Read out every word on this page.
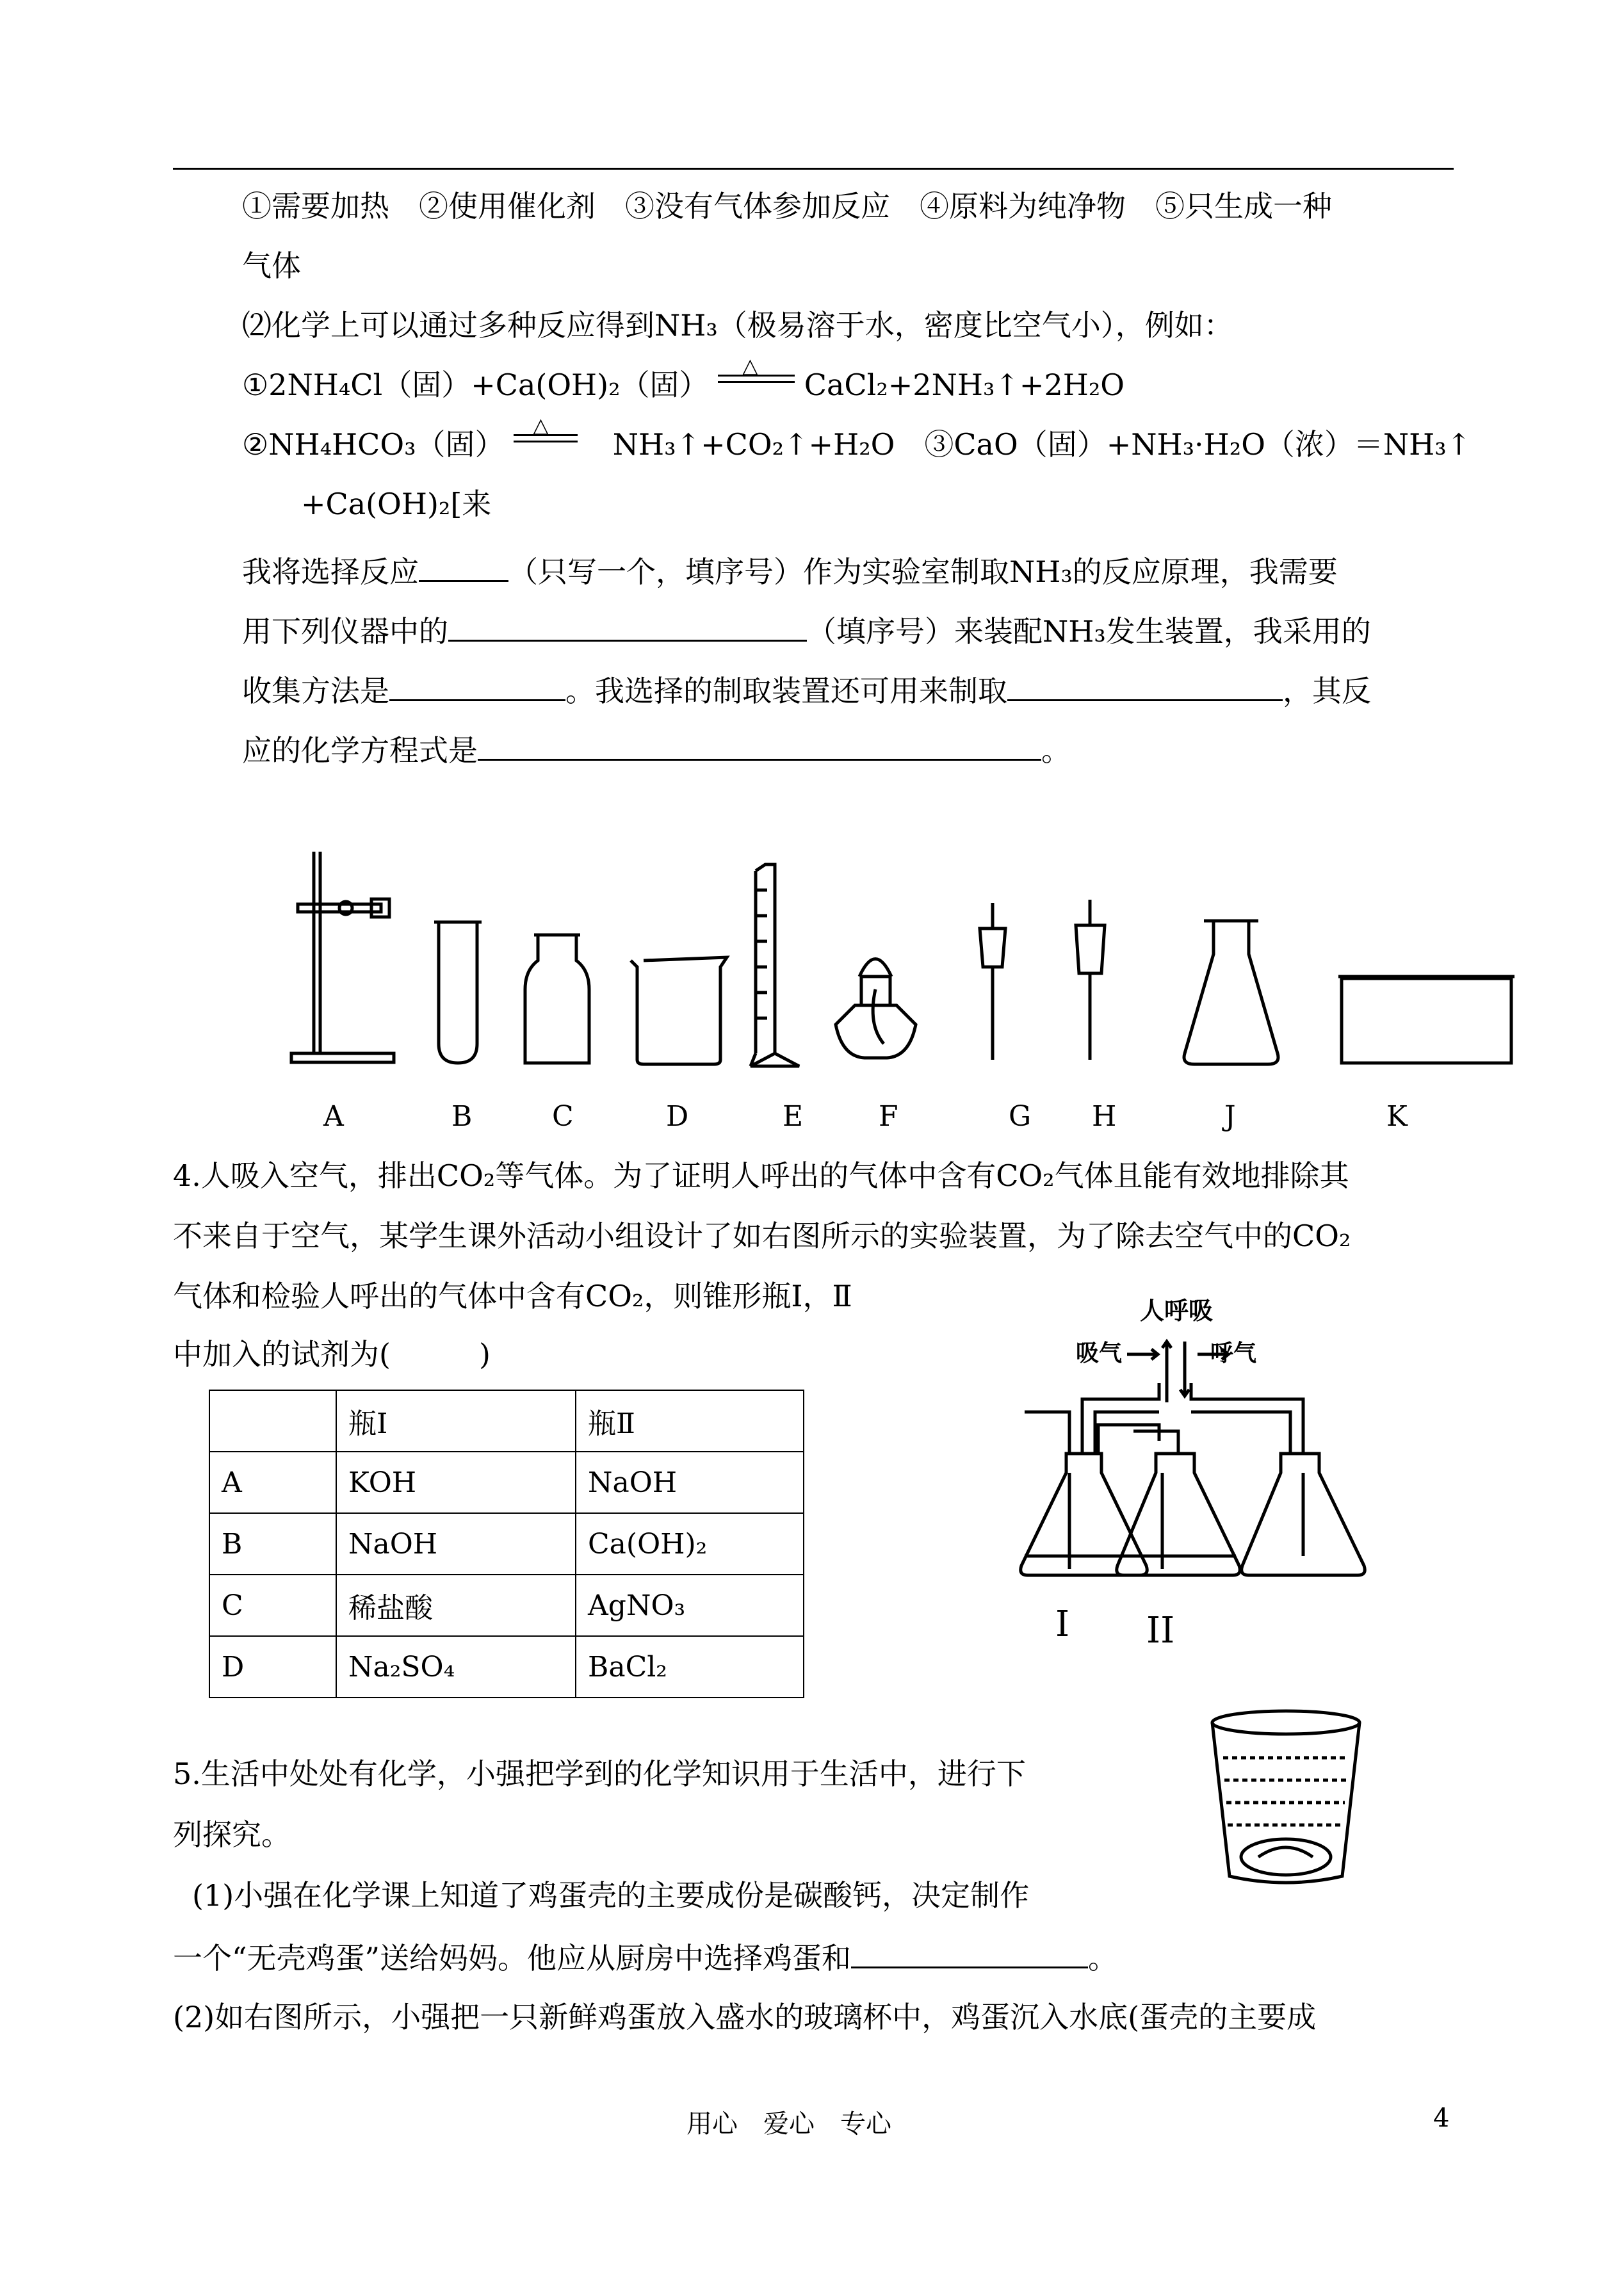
①需要加热　②使用催化剂　③没有气体参加反应　④原料为纯净物　⑤只生成一种
气体
⑵化学上可以通过多种反应得到NH₃（极易溶于水，密度比空气小），例如：
①2NH₄Cl（固）+Ca(OH)₂（固）
△
CaCl₂+2NH₃↑+2H₂O
②NH₄HCO₃（固）
△
NH₃↑+CO₂↑+H₂O　③CaO（固）+NH₃·H₂O（浓）＝NH₃↑
+Ca(OH)₂[来
我将选择反应	（只写一个，填序号）作为实验室制取NH₃的反应原理，我需要
用下列仪器中的	（填序号）来装配NH₃发生装置，我采用的
收集方法是	。我选择的制取装置还可用来制取	，其反
应的化学方程式是	。
A	B	C	D	E	F	G H	J	K
4.人吸入空气，排出CO₂等气体。为了证明人呼出的气体中含有CO₂气体且能有效地排除其
不来自于空气，某学生课外活动小组设计了如右图所示的实验装置，为了除去空气中的CO₂
气体和检验人呼出的气体中含有CO₂，则锥形瓶Ⅰ，Ⅱ
中加入的试剂为(　　　)
	瓶Ⅰ	瓶Ⅱ
A	KOH	NaOH
B	NaOH	Ca(OH)₂
C	稀盐酸	AgNO₃
D	Na₂SO₄	BaCl₂
人呼吸
吸气	呼气
I II
5.生活中处处有化学，小强把学到的化学知识用于生活中，进行下
列探究。
(1)小强在化学课上知道了鸡蛋壳的主要成份是碳酸钙，决定制作
一个“无壳鸡蛋”送给妈妈。他应从厨房中选择鸡蛋和	。
(2)如右图所示，小强把一只新鲜鸡蛋放入盛水的玻璃杯中，鸡蛋沉入水底(蛋壳的主要成
用心　爱心　专心	4
